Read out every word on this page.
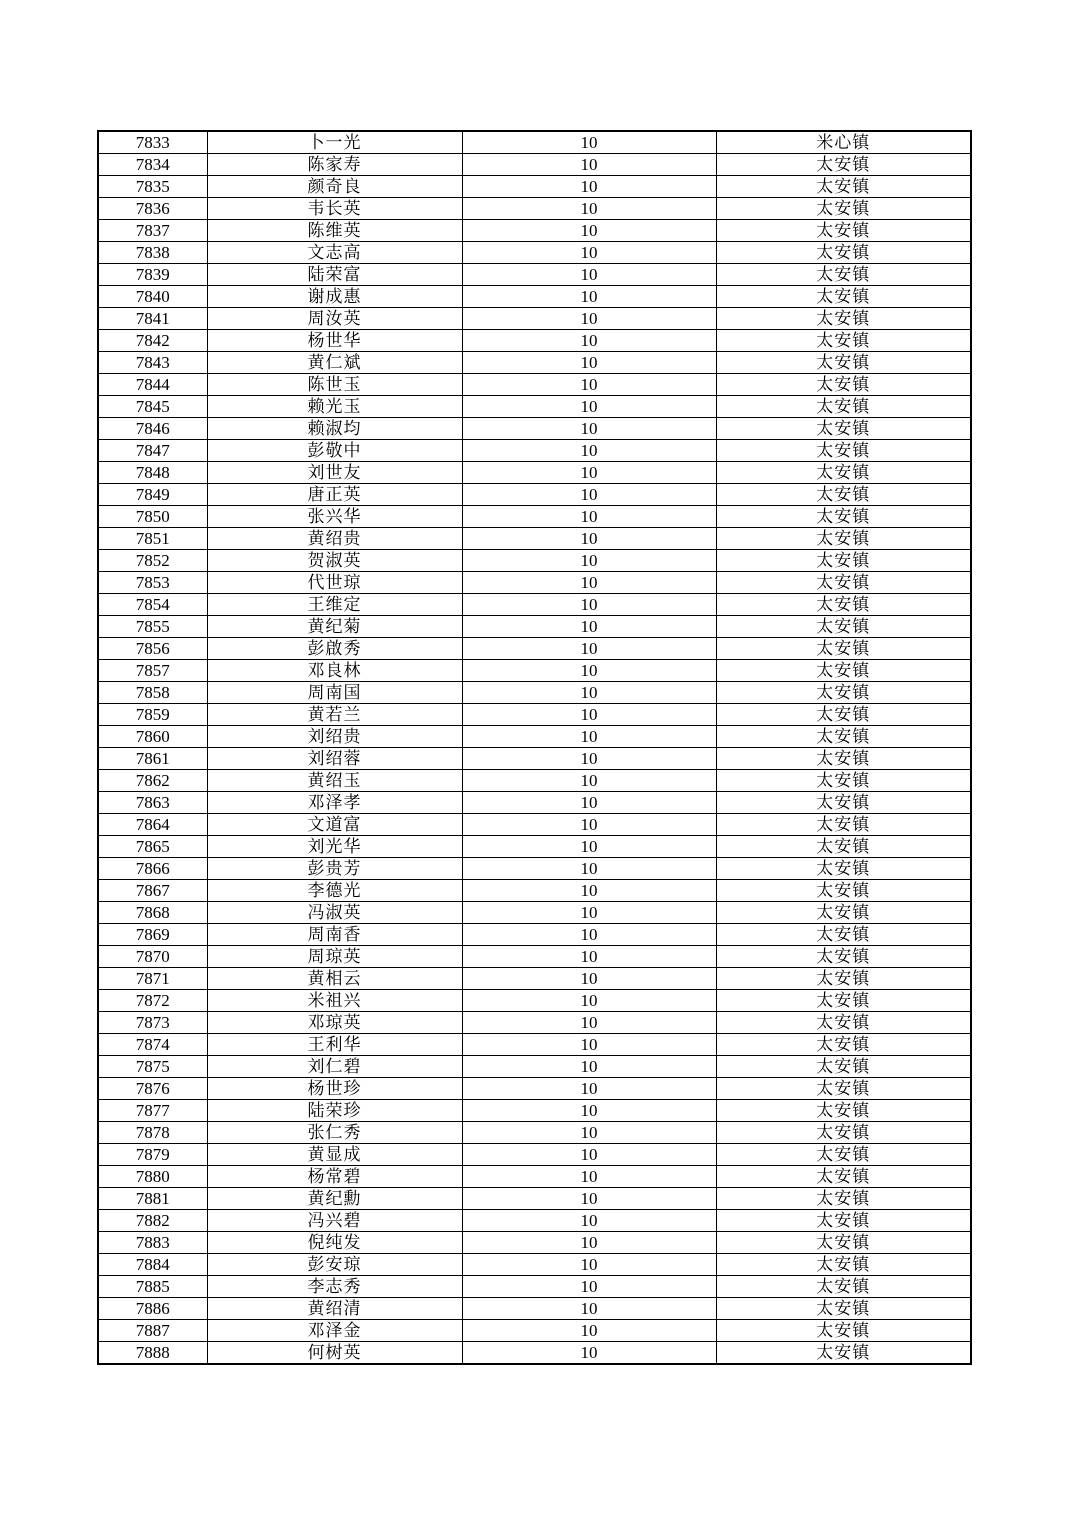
7833	卜一光	10	米心镇
7834	陈家寿	10	太安镇
7835	颜奇良	10	太安镇
7836	韦长英	10	太安镇
7837	陈维英	10	太安镇
7838	文志高	10	太安镇
7839	陆荣富	10	太安镇
7840	谢成惠	10	太安镇
7841	周汝英	10	太安镇
7842	杨世华	10	太安镇
7843	黄仁斌	10	太安镇
7844	陈世玉	10	太安镇
7845	赖光玉	10	太安镇
7846	赖淑均	10	太安镇
7847	彭敬中	10	太安镇
7848	刘世友	10	太安镇
7849	唐正英	10	太安镇
7850	张兴华	10	太安镇
7851	黄绍贵	10	太安镇
7852	贺淑英	10	太安镇
7853	代世琼	10	太安镇
7854	王维定	10	太安镇
7855	黄纪菊	10	太安镇
7856	彭啟秀	10	太安镇
7857	邓良林	10	太安镇
7858	周南国	10	太安镇
7859	黄若兰	10	太安镇
7860	刘绍贵	10	太安镇
7861	刘绍蓉	10	太安镇
7862	黄绍玉	10	太安镇
7863	邓泽孝	10	太安镇
7864	文道富	10	太安镇
7865	刘光华	10	太安镇
7866	彭贵芳	10	太安镇
7867	李德光	10	太安镇
7868	冯淑英	10	太安镇
7869	周南香	10	太安镇
7870	周琼英	10	太安镇
7871	黄相云	10	太安镇
7872	米祖兴	10	太安镇
7873	邓琼英	10	太安镇
7874	王利华	10	太安镇
7875	刘仁碧	10	太安镇
7876	杨世珍	10	太安镇
7877	陆荣珍	10	太安镇
7878	张仁秀	10	太安镇
7879	黄显成	10	太安镇
7880	杨常碧	10	太安镇
7881	黄纪勳	10	太安镇
7882	冯兴碧	10	太安镇
7883	倪纯发	10	太安镇
7884	彭安琼	10	太安镇
7885	李志秀	10	太安镇
7886	黄绍清	10	太安镇
7887	邓泽金	10	太安镇
7888	何树英	10	太安镇
